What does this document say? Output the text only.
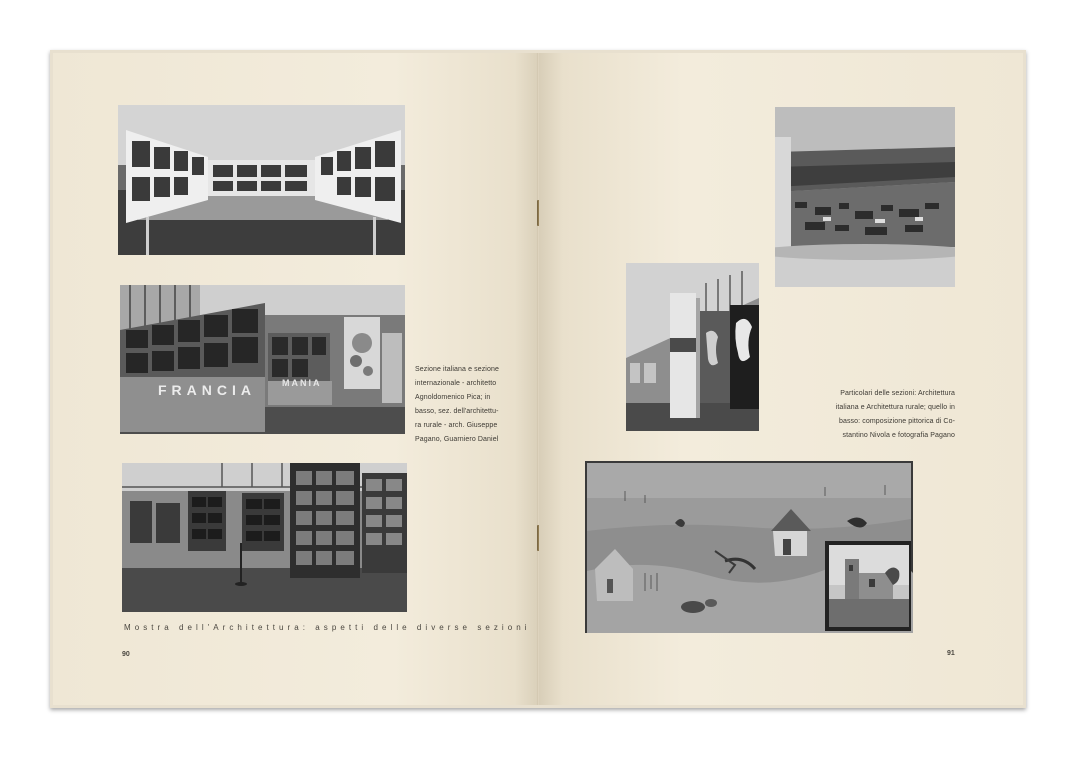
FRANCIA	MANIA
Sezione italiana e sezione
internazionale - architetto
Agnoldomenico Pica; in
basso, sez. dell'architettu-
ra rurale - arch. Giuseppe
Pagano, Guarniero Daniel
Mostra dell'Architettura: aspetti delle diverse sezioni
90
Particolari delle sezioni: Architettura
italiana e Architettura rurale; quello in
basso: composizione pittorica di Co-
stantino Nivola e fotografia Pagano
91
